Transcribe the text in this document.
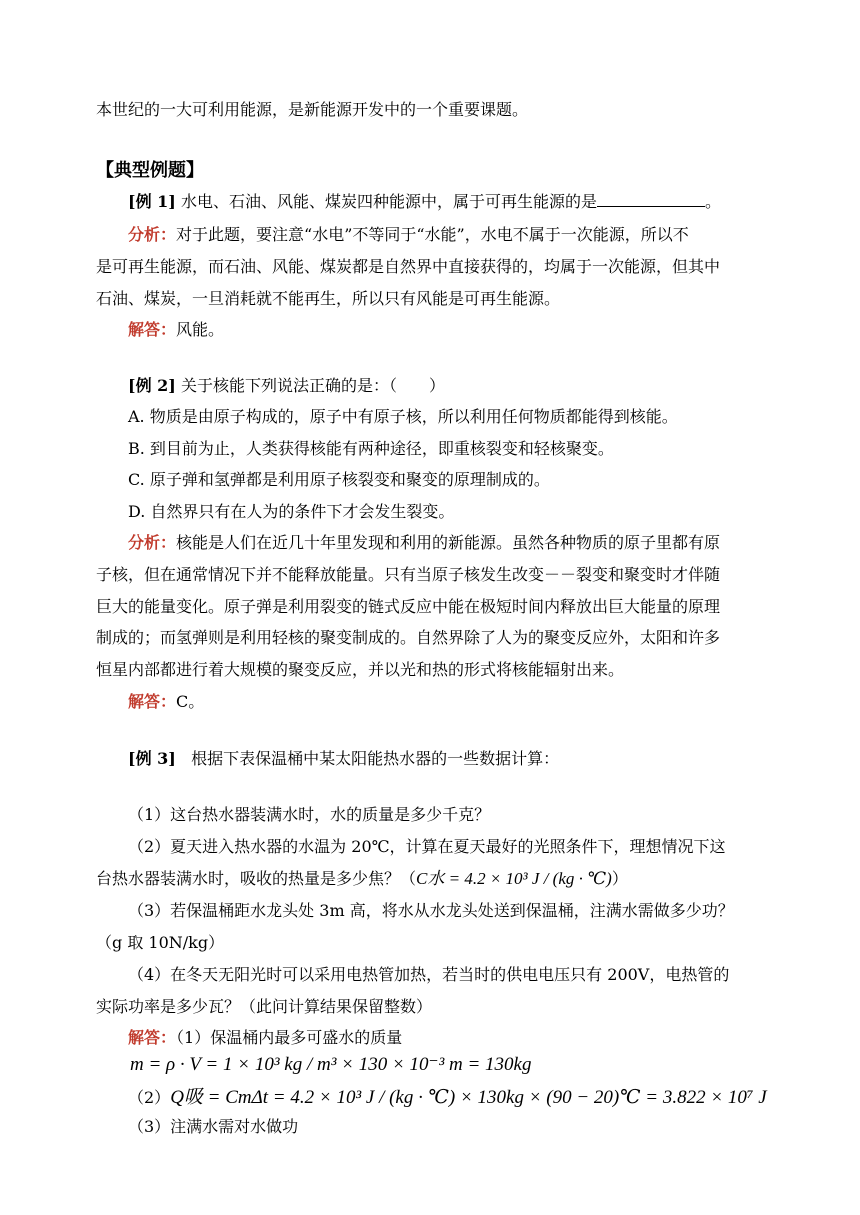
本世纪的一大可利用能源，是新能源开发中的一个重要课题。
【典型例题】
[例 1] 水电、石油、风能、煤炭四种能源中，属于可再生能源的是	。
分析：对于此题，要注意“水电”不等同于“水能”，水电不属于一次能源，所以不
是可再生能源，而石油、风能、煤炭都是自然界中直接获得的，均属于一次能源，但其中
石油、煤炭，一旦消耗就不能再生，所以只有风能是可再生能源。
解答：风能。
[例 2] 关于核能下列说法正确的是：（　　）
A. 物质是由原子构成的，原子中有原子核，所以利用任何物质都能得到核能。
B. 到目前为止，人类获得核能有两种途径，即重核裂变和轻核聚变。
C. 原子弹和氢弹都是利用原子核裂变和聚变的原理制成的。
D. 自然界只有在人为的条件下才会发生裂变。
分析：核能是人们在近几十年里发现和利用的新能源。虽然各种物质的原子里都有原
子核，但在通常情况下并不能释放能量。只有当原子核发生改变－－裂变和聚变时才伴随
巨大的能量变化。原子弹是利用裂变的链式反应中能在极短时间内释放出巨大能量的原理
制成的；而氢弹则是利用轻核的聚变制成的。自然界除了人为的聚变反应外，太阳和许多
恒星内部都进行着大规模的聚变反应，并以光和热的形式将核能辐射出来。
解答：C。
[例 3] 根据下表保温桶中某太阳能热水器的一些数据计算：
（1）这台热水器装满水时，水的质量是多少千克？
（2）夏天进入热水器的水温为 20℃，计算在夏天最好的光照条件下，理想情况下这
台热水器装满水时，吸收的热量是多少焦？（C水 = 4.2 × 10³ J / (kg · ℃)）
（3）若保温桶距水龙头处 3m 高，将水从水龙头处送到保温桶，注满水需做多少功？
（g 取 10N/kg）
（4）在冬天无阳光时可以采用电热管加热，若当时的供电电压只有 200V，电热管的
实际功率是多少瓦？（此问计算结果保留整数）
解答：（1）保温桶内最多可盛水的质量
m = ρ · V = 1 × 10³ kg / m³ × 130 × 10⁻³ m = 130kg
（2）Q吸 = CmΔt = 4.2 × 10³ J / (kg · ℃) × 130kg × (90 − 20)℃ = 3.822 × 10⁷ J
（3）注满水需对水做功
